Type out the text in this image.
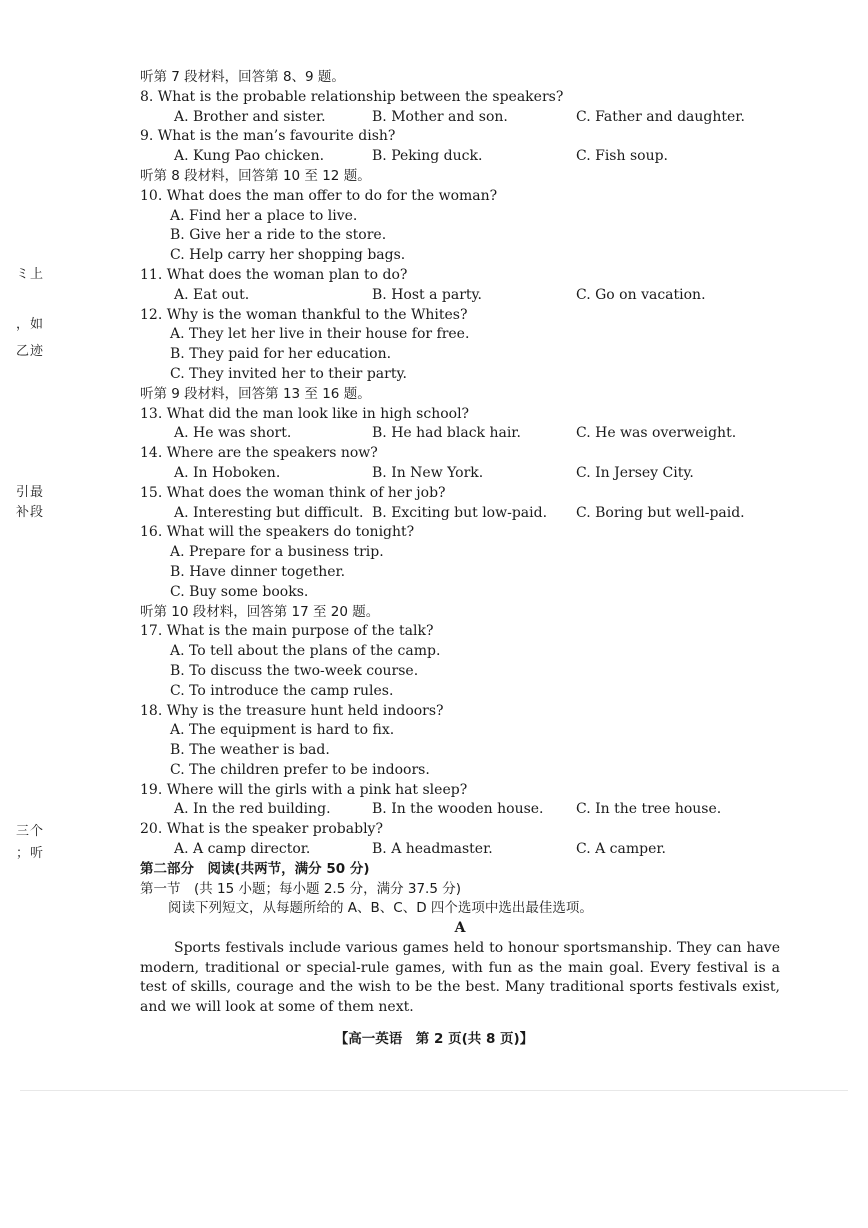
ミ上
，如
乙迹
引最
补段
三个
；听
听第 7 段材料，回答第 8、9 题。
8. What is the probable relationship between the speakers?
A. Brother and sister.	B. Mother and son.	C. Father and daughter.
9. What is the man’s favourite dish?
A. Kung Pao chicken.	B. Peking duck.	C. Fish soup.
听第 8 段材料，回答第 10 至 12 题。
10. What does the man offer to do for the woman?
A. Find her a place to live.
B. Give her a ride to the store.
C. Help carry her shopping bags.
11. What does the woman plan to do?
A. Eat out.	B. Host a party.	C. Go on vacation.
12. Why is the woman thankful to the Whites?
A. They let her live in their house for free.
B. They paid for her education.
C. They invited her to their party.
听第 9 段材料，回答第 13 至 16 题。
13. What did the man look like in high school?
A. He was short.	B. He had black hair.	C. He was overweight.
14. Where are the speakers now?
A. In Hoboken.	B. In New York.	C. In Jersey City.
15. What does the woman think of her job?
A. Interesting but difficult. B. Exciting but low-paid. C. Boring but well-paid.
16. What will the speakers do tonight?
A. Prepare for a business trip.
B. Have dinner together.
C. Buy some books.
听第 10 段材料，回答第 17 至 20 题。
17. What is the main purpose of the talk?
A. To tell about the plans of the camp.
B. To discuss the two-week course.
C. To introduce the camp rules.
18. Why is the treasure hunt held indoors?
A. The equipment is hard to fix.
B. The weather is bad.
C. The children prefer to be indoors.
19. Where will the girls with a pink hat sleep?
A. In the red building.	B. In the wooden house. C. In the tree house.
20. What is the speaker probably?
A. A camp director.	B. A headmaster.	C. A camper.
第二部分　阅读(共两节，满分 50 分)
第一节　(共 15 小题；每小题 2.5 分，满分 37.5 分)
阅读下列短文，从每题所给的 A、B、C、D 四个选项中选出最佳选项。
A

Sports festivals include various games held to honour sportsmanship. They can have modern, traditional or special-rule games, with fun as the main goal. Every festival is a test of skills, courage and the wish to be the best. Many traditional sports festivals exist, and we will look at some of them next.

【高一英语　第 2 页(共 8 页)】
